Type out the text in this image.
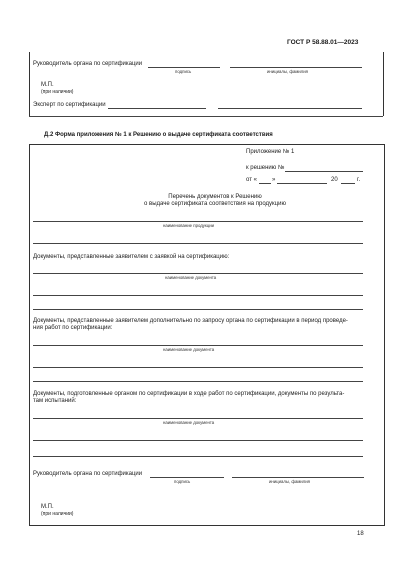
ГОСТ Р 58.88.01—2023
Руководитель органа по сертификации
подпись	инициалы, фамилия
М.П.
(при наличии)
Эксперт по сертификации
Д.2 Форма приложения № 1 к Решению о выдаче сертификата соответствия
Приложение № 1
к решению №
от «	»	20	г.
Перечень документов к Решению
о выдаче сертификата соответствия на продукцию
наименование продукции
Документы, представленные заявителем с заявкой на сертификацию:
наименование документа
Документы, представленные заявителем дополнительно по запросу органа по сертификации в период проведе-
ния работ по сертификации:
наименование документа
Документы, подготовленные органом по сертификации в ходе работ по сертификации, документы по результа-
там испытаний:
наименование документа
Руководитель органа по сертификации
подпись	инициалы, фамилия
М.П.
(при наличии)
18
